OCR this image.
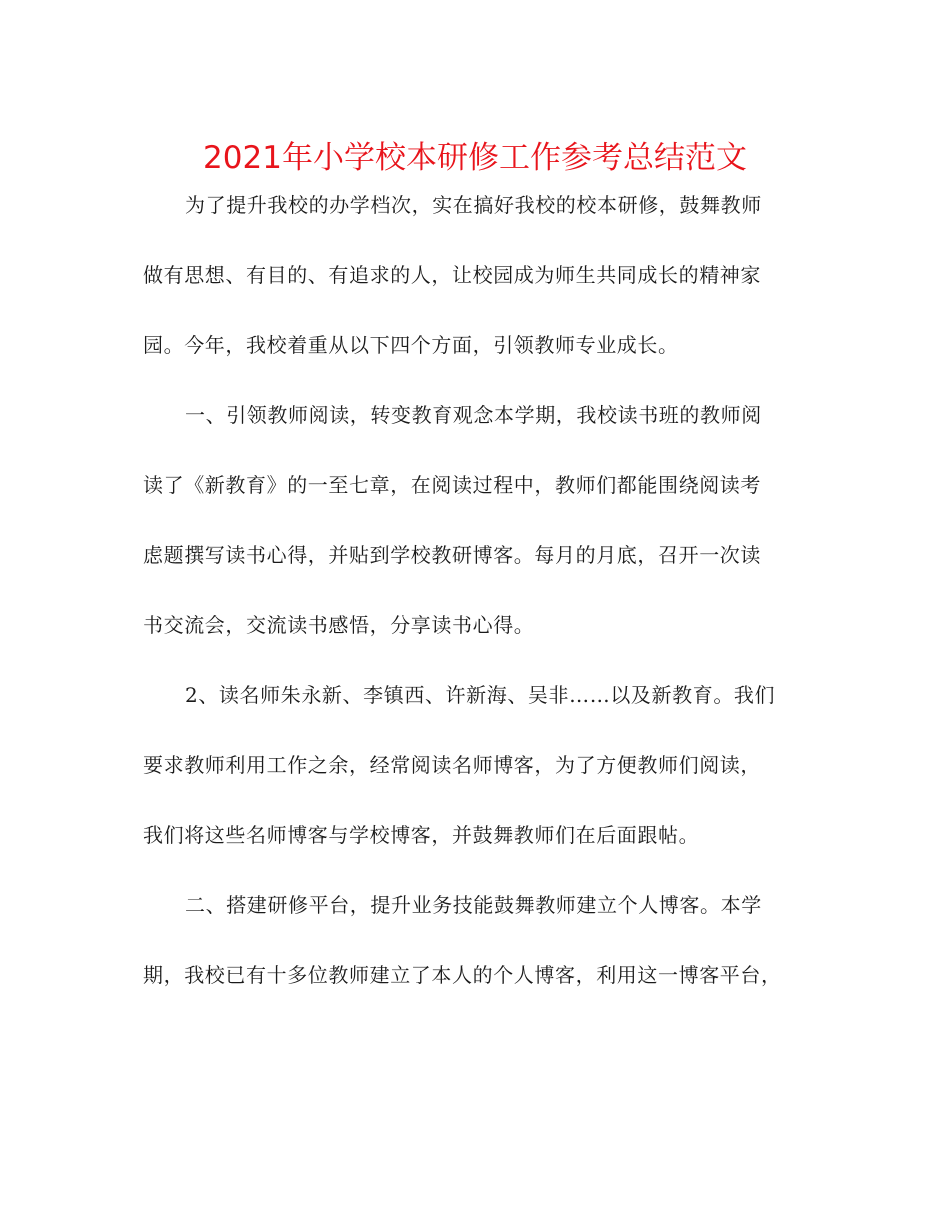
2021年小学校本研修工作参考总结范文
为了提升我校的办学档次，实在搞好我校的校本研修，鼓舞教师
做有思想、有目的、有追求的人，让校园成为师生共同成长的精神家
园。今年，我校着重从以下四个方面，引领教师专业成长。
一、引领教师阅读，转变教育观念本学期，我校读书班的教师阅
读了《新教育》的一至七章，在阅读过程中，教师们都能围绕阅读考
虑题撰写读书心得，并贴到学校教研博客。每月的月底，召开一次读
书交流会，交流读书感悟，分享读书心得。
2、读名师朱永新、李镇西、许新海、吴非……以及新教育。我们
要求教师利用工作之余，经常阅读名师博客，为了方便教师们阅读，
我们将这些名师博客与学校博客，并鼓舞教师们在后面跟帖。
二、搭建研修平台，提升业务技能鼓舞教师建立个人博客。本学
期，我校已有十多位教师建立了本人的个人博客，利用这一博客平台，
